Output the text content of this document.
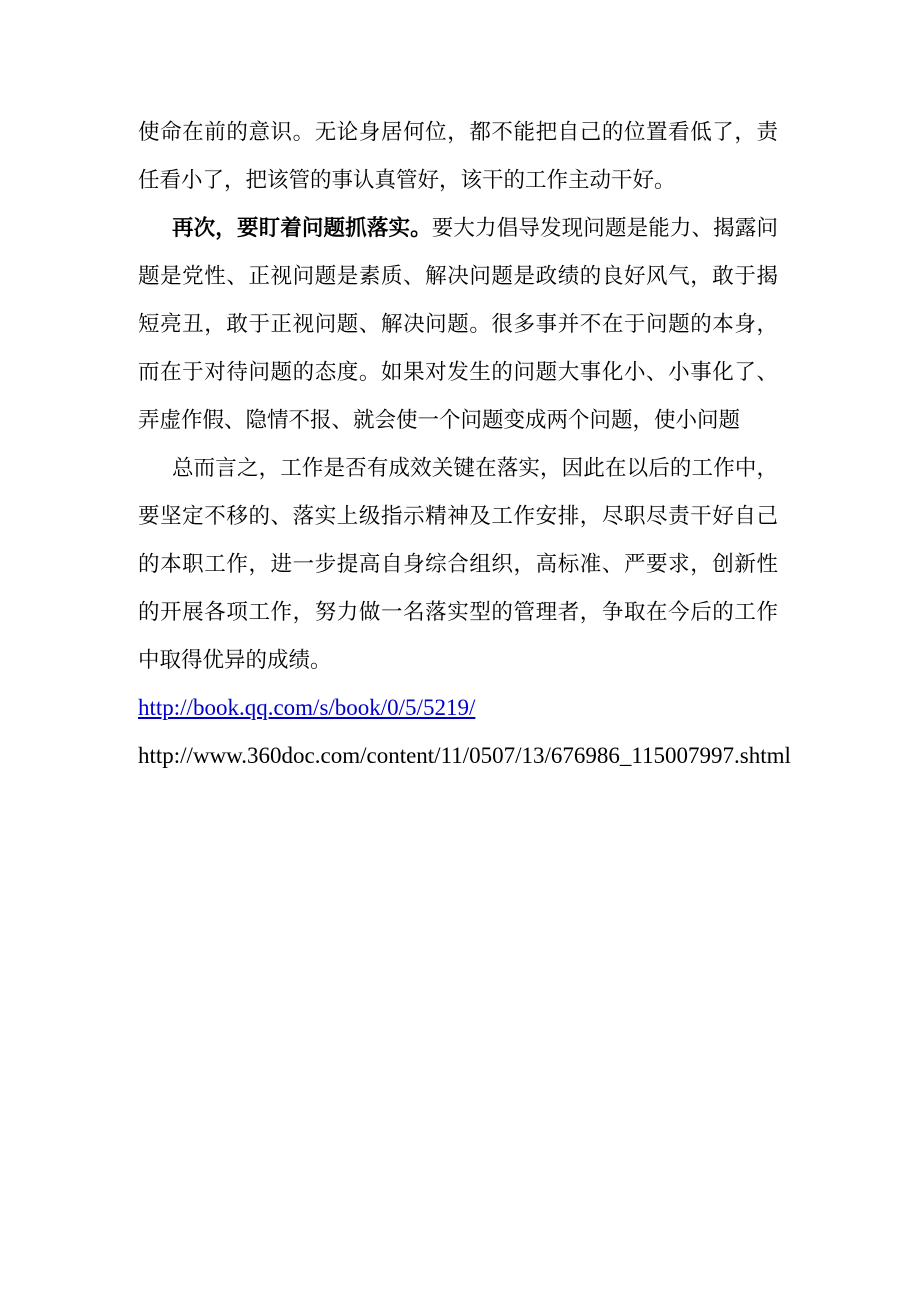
使命在前的意识。无论身居何位，都不能把自己的位置看低了，责
任看小了，把该管的事认真管好，该干的工作主动干好。
再次，要盯着问题抓落实。要大力倡导发现问题是能力、揭露问
题是党性、正视问题是素质、解决问题是政绩的良好风气，敢于揭
短亮丑，敢于正视问题、解决问题。很多事并不在于问题的本身，
而在于对待问题的态度。如果对发生的问题大事化小、小事化了、
弄虚作假、隐情不报、就会使一个问题变成两个问题，使小问题
总而言之，工作是否有成效关键在落实，因此在以后的工作中，
要坚定不移的、落实上级指示精神及工作安排，尽职尽责干好自己
的本职工作，进一步提高自身综合组织，高标准、严要求，创新性
的开展各项工作，努力做一名落实型的管理者，争取在今后的工作
中取得优异的成绩。
http://book.qq.com/s/book/0/5/5219/
http://www.360doc.com/content/11/0507/13/676986_115007997.shtml
